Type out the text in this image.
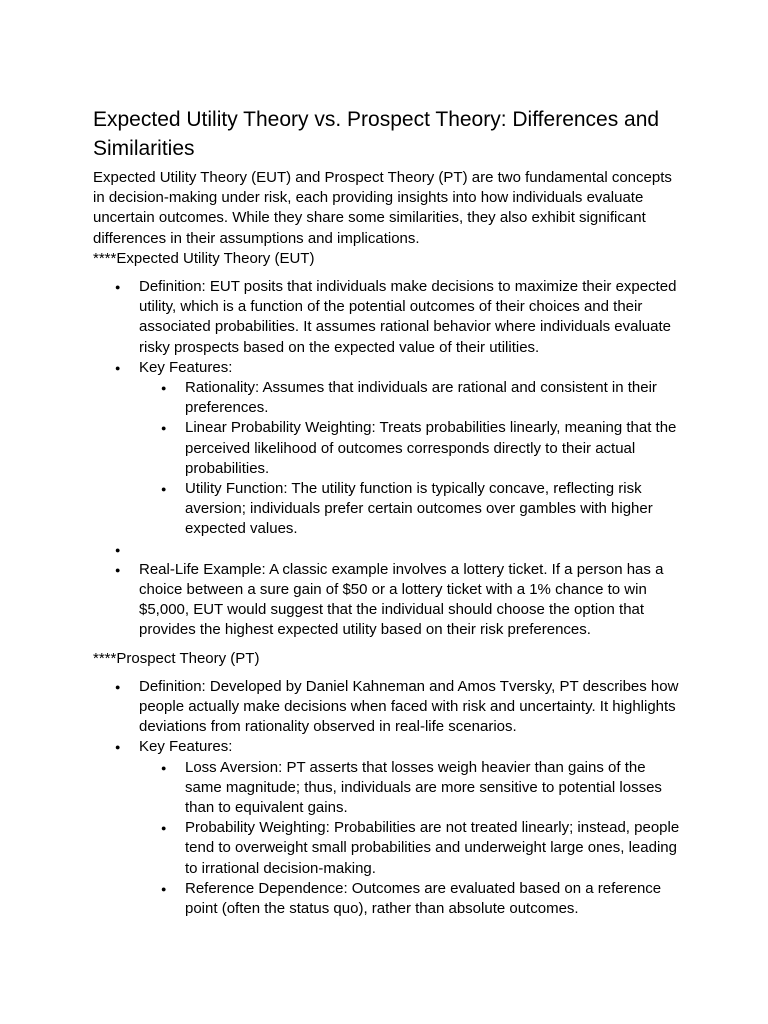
Expected Utility Theory vs. Prospect Theory: Differences and Similarities

Expected Utility Theory (EUT) and Prospect Theory (PT) are two fundamental concepts in decision-making under risk, each providing insights into how individuals evaluate uncertain outcomes. While they share some similarities, they also exhibit significant differences in their assumptions and implications.

****Expected Utility Theory (EUT)

● Definition: EUT posits that individuals make decisions to maximize their expected utility, which is a function of the potential outcomes of their choices and their associated probabilities. It assumes rational behavior where individuals evaluate risky prospects based on the expected value of their utilities.
● Key Features:
● Rationality: Assumes that individuals are rational and consistent in their preferences.
● Linear Probability Weighting: Treats probabilities linearly, meaning that the perceived likelihood of outcomes corresponds directly to their actual probabilities.
● Utility Function: The utility function is typically concave, reflecting risk aversion; individuals prefer certain outcomes over gambles with higher expected values.
●
● Real-Life Example: A classic example involves a lottery ticket. If a person has a choice between a sure gain of $50 or a lottery ticket with a 1% chance to win $5,000, EUT would suggest that the individual should choose the option that provides the highest expected utility based on their risk preferences.

****Prospect Theory (PT)

● Definition: Developed by Daniel Kahneman and Amos Tversky, PT describes how people actually make decisions when faced with risk and uncertainty. It highlights deviations from rationality observed in real-life scenarios.
● Key Features:
● Loss Aversion: PT asserts that losses weigh heavier than gains of the same magnitude; thus, individuals are more sensitive to potential losses than to equivalent gains.
● Probability Weighting: Probabilities are not treated linearly; instead, people tend to overweight small probabilities and underweight large ones, leading to irrational decision-making.
● Reference Dependence: Outcomes are evaluated based on a reference point (often the status quo), rather than absolute outcomes.
